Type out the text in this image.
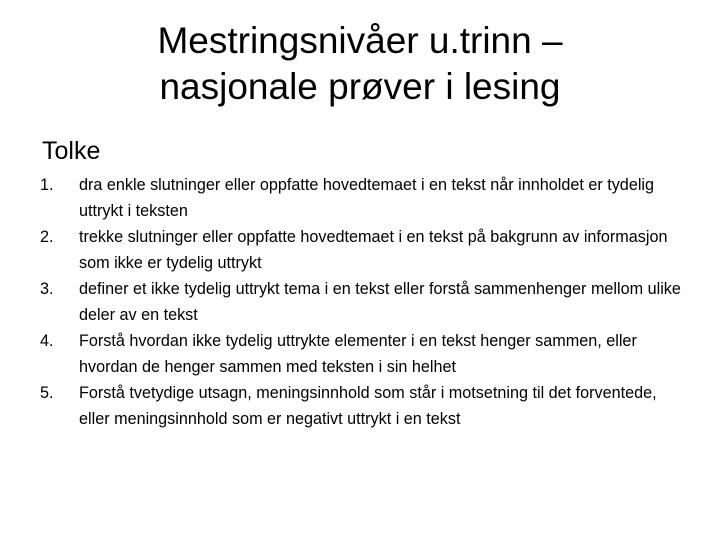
Mestringsnivåer u.trinn –
nasjonale prøver i lesing
Tolke
1.	dra enkle slutninger eller oppfatte hovedtemaet i en tekst når innholdet er tydelig uttrykt i teksten
2.	trekke slutninger eller oppfatte hovedtemaet i en tekst på bakgrunn av informasjon som ikke er tydelig uttrykt
3.	definer et ikke tydelig uttrykt tema i en tekst eller forstå sammenhenger mellom ulike deler av en tekst
4.	Forstå hvordan ikke tydelig uttrykte elementer i en tekst henger sammen, eller hvordan de henger sammen med teksten i sin helhet
5.	Forstå tvetydige utsagn, meningsinnhold som står i motsetning til det forventede, eller meningsinnhold som er negativt uttrykt i en tekst
